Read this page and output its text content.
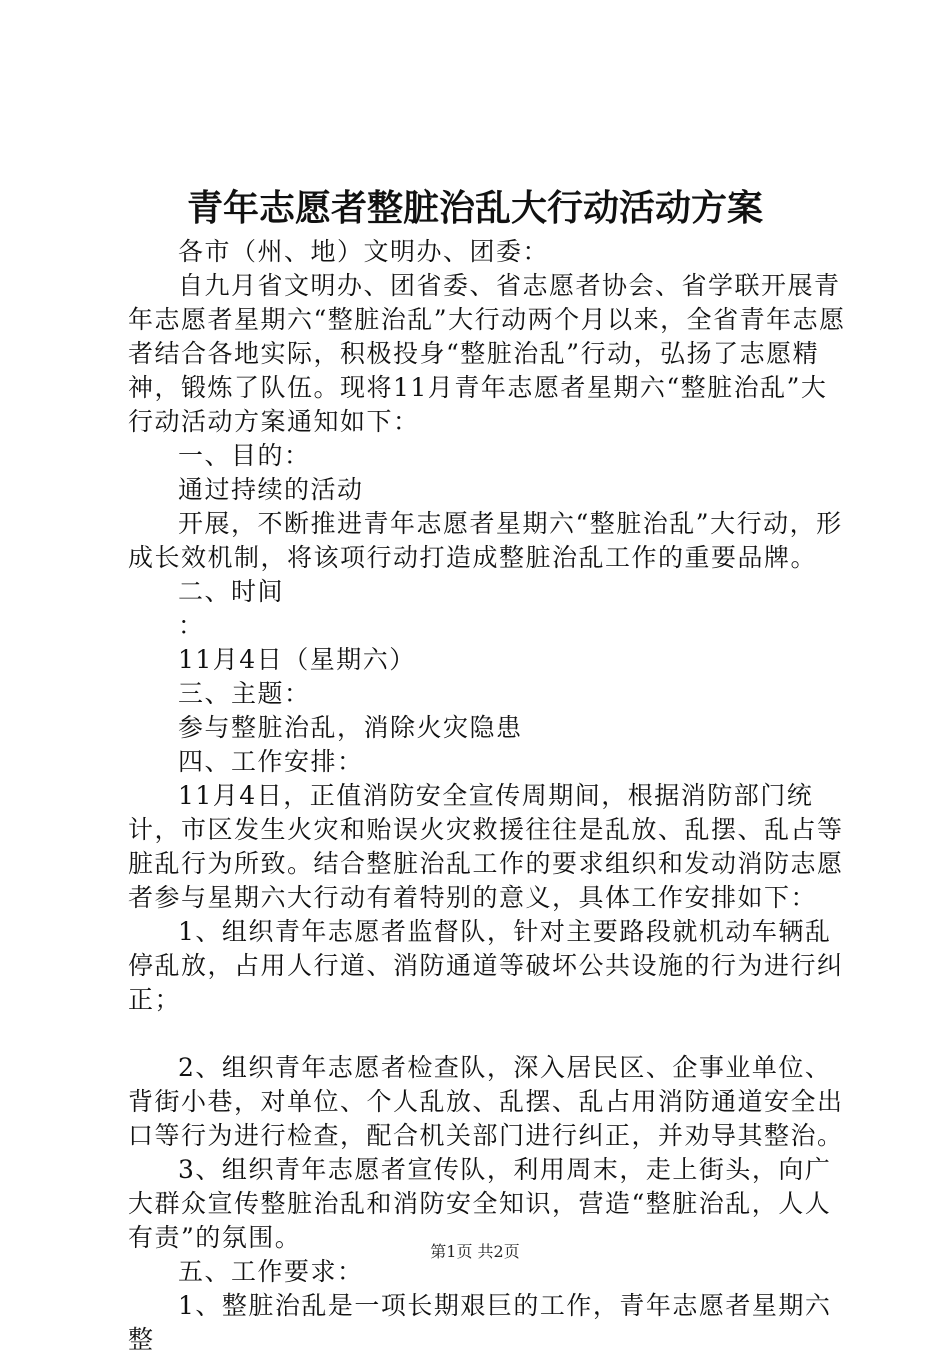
青年志愿者整脏治乱大行动活动方案

各市（州、地）文明办、团委：

自九月省文明办、团省委、省志愿者协会、省学联开展青年志愿者星期六“整脏治乱”大行动两个月以来，全省青年志愿者结合各地实际，积极投身“整脏治乱”行动，弘扬了志愿精神，锻炼了队伍。现将11月青年志愿者星期六“整脏治乱”大行动活动方案通知如下：

一、目的：

通过持续的活动

开展，不断推进青年志愿者星期六“整脏治乱”大行动，形成长效机制，将该项行动打造成整脏治乱工作的重要品牌。

二、时间

：

11月4日（星期六）

三、主题：

参与整脏治乱，消除火灾隐患

四、工作安排：

11月4日，正值消防安全宣传周期间，根据消防部门统计，市区发生火灾和贻误火灾救援往往是乱放、乱摆、乱占等脏乱行为所致。结合整脏治乱工作的要求组织和发动消防志愿者参与星期六大行动有着特别的意义，具体工作安排如下：

1、组织青年志愿者监督队，针对主要路段就机动车辆乱停乱放，占用人行道、消防通道等破坏公共设施的行为进行纠正；

2、组织青年志愿者检查队，深入居民区、企事业单位、背街小巷，对单位、个人乱放、乱摆、乱占用消防通道安全出口等行为进行检查，配合机关部门进行纠正，并劝导其整治。

3、组织青年志愿者宣传队，利用周末，走上街头，向广大群众宣传整脏治乱和消防安全知识，营造“整脏治乱，人人有责”的氛围。

五、工作要求：

1、整脏治乱是一项长期艰巨的工作，青年志愿者星期六整

第1页 共2页
